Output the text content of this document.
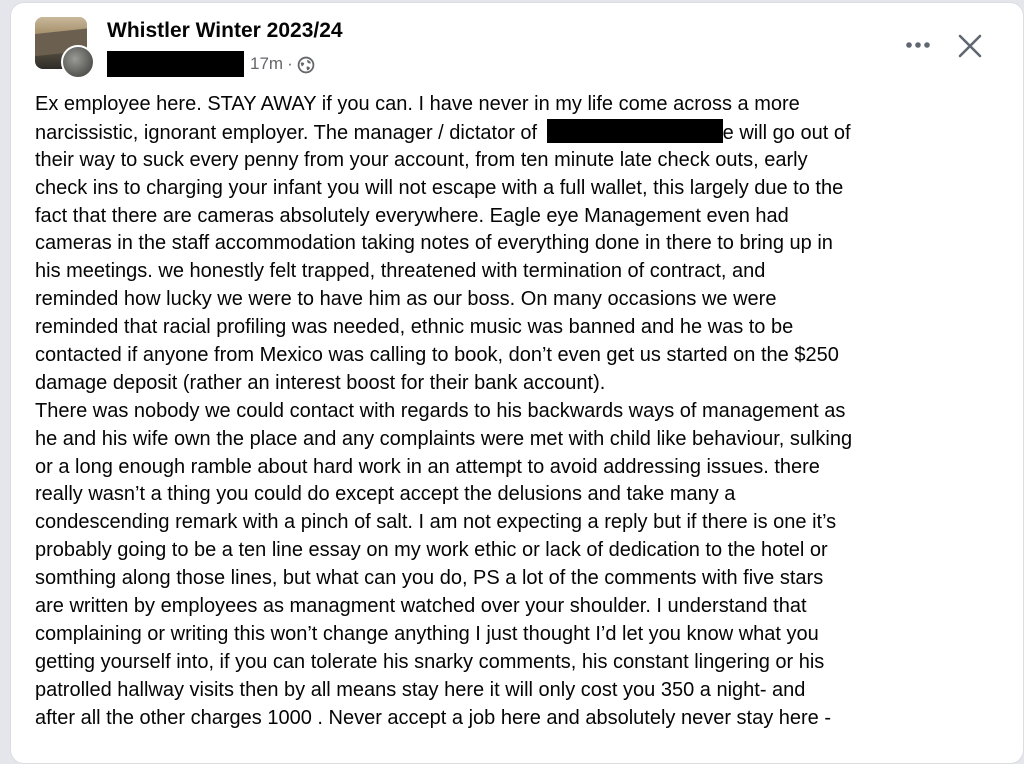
Whistler Winter 2023/24
17m ·
Ex employee here. STAY AWAY if you can. I have never in my life come across a more
narcissistic, ignorant employer. The manager / dictator of	e will go out of
their way to suck every penny from your account, from ten minute late check outs, early
check ins to charging your infant you will not escape with a full wallet, this largely due to the
fact that there are cameras absolutely everywhere. Eagle eye Management even had
cameras in the staff accommodation taking notes of everything done in there to bring up in
his meetings. we honestly felt trapped, threatened with termination of contract, and
reminded how lucky we were to have him as our boss. On many occasions we were
reminded that racial profiling was needed, ethnic music was banned and he was to be
contacted if anyone from Mexico was calling to book, don’t even get us started on the $250
damage deposit (rather an interest boost for their bank account).
There was nobody we could contact with regards to his backwards ways of management as
he and his wife own the place and any complaints were met with child like behaviour, sulking
or a long enough ramble about hard work in an attempt to avoid addressing issues. there
really wasn’t a thing you could do except accept the delusions and take many a
condescending remark with a pinch of salt. I am not expecting a reply but if there is one it’s
probably going to be a ten line essay on my work ethic or lack of dedication to the hotel or
somthing along those lines, but what can you do, PS a lot of the comments with five stars
are written by employees as managment watched over your shoulder. I understand that
complaining or writing this won’t change anything I just thought I’d let you know what you
getting yourself into, if you can tolerate his snarky comments, his constant lingering or his
patrolled hallway visits then by all means stay here it will only cost you 350 a night- and
after all the other charges 1000 . Never accept a job here and absolutely never stay here -
